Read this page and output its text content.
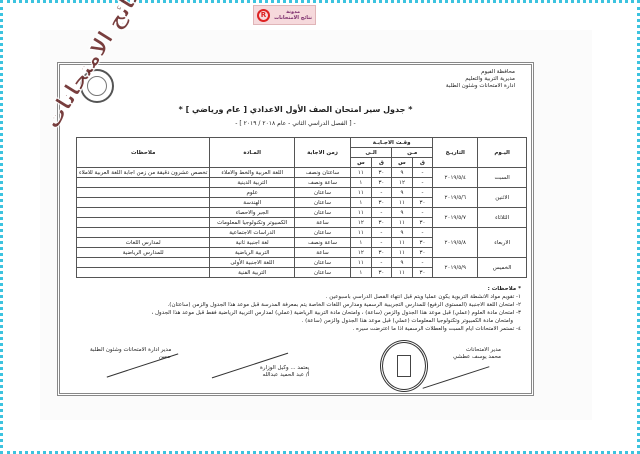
مدونة
نتائج الامتحانات
R
محافظة الفيوم
مديرية التربية والتعليم
ادارة الامتحانات وشئون الطلبة
* جدول سير امتحان الصف الأول الاعدادي [ عام ورياضي ] *
- [ الفصل الدراسي الثاني - عام ٢٠١٨ / ٢٠١٩ ] -
اليـوم	التاريـخ	وقـت الاجـابـة				زمن الاجابة	المـادة	ملاحظات
		مـن		الـى				
		ق	س	ق	س			
السبت	٢٠١٩/٥/٤	-	٩	٣٠	١١	ساعتان ونصف	اللغة العربية والخط والاملاء	تخصص عشرون دقيقة من زمن اجابة اللغة العربية للاملاء
		-	١٢	٣٠	١	ساعة ونصف	التربية الدينية	
الاثنين	٢٠١٩/٥/٦	-	٩	-	١١	ساعتان	علوم	
		٣٠	١١	٣٠	١	ساعتان	الهندسة	
الثلاثاء	٢٠١٩/٥/٧	-	٩	-	١١	ساعتان	الجبر والاحصاء	
		٣٠	١١	٣٠	١٢	ساعة	الكمبيوتر وتكنولوجيا المعلومات	
الاربعاء	٢٠١٩/٥/٨	-	٩	-	١١	ساعتان	الدراسات الاجتماعية	
		٣٠	١١	-	١	ساعة ونصف	لغة اجنبية ثانية	لمدارس اللغات
		٣٠	١١	٣٠	١٢	ساعة	التربية الرياضية	للمدارس الرياضية
الخميس	٢٠١٩/٥/٩	-	٩	-	١١	ساعتان	اللغة الاجنبية الأولى	
		٣٠	١١	٣٠	١	ساعتان	التربية الفنية	
* ملاحظات :
١- تقويم مواد الانشطة التربوية يكون عمليا ويتم قبل انتهاء الفصل الدراسي باسبوعين .
٢- امتحان اللغة الاجنبية (المستوى الرفيع) للمدارس التجريبية الرسمية ومدارس اللغات الخاصة يتم بمعرفة المدرسة قبل موعد هذا الجدول والزمن (ساعتان).
٣- امتحان مادة العلوم (عملي) قبل موعد هذا الجدول والزمن (ساعة) ، وامتحان مادة التربية الرياضية (عملي) لمدارس التربية الرياضية فقط قبل موعد هذا الجدول ،
وامتحان مادة الكمبيوتر وتكنولوجيا المعلومات (عملي) قبل موعد هذا الجدول والزمن (ساعة) .
٤- تستمر الامتحانات ايام السبت والعطلات الرسمية اذا ما اعترضت سيره .
مدير الامتحانات
محمد يوسف عطشي
يعتمد ... وكيل الوزارة
أ/ عبد الحميد عبدالله
مدير ادارة الامتحانات وشئون الطلبة
حسن
نتائج الامتحانات
